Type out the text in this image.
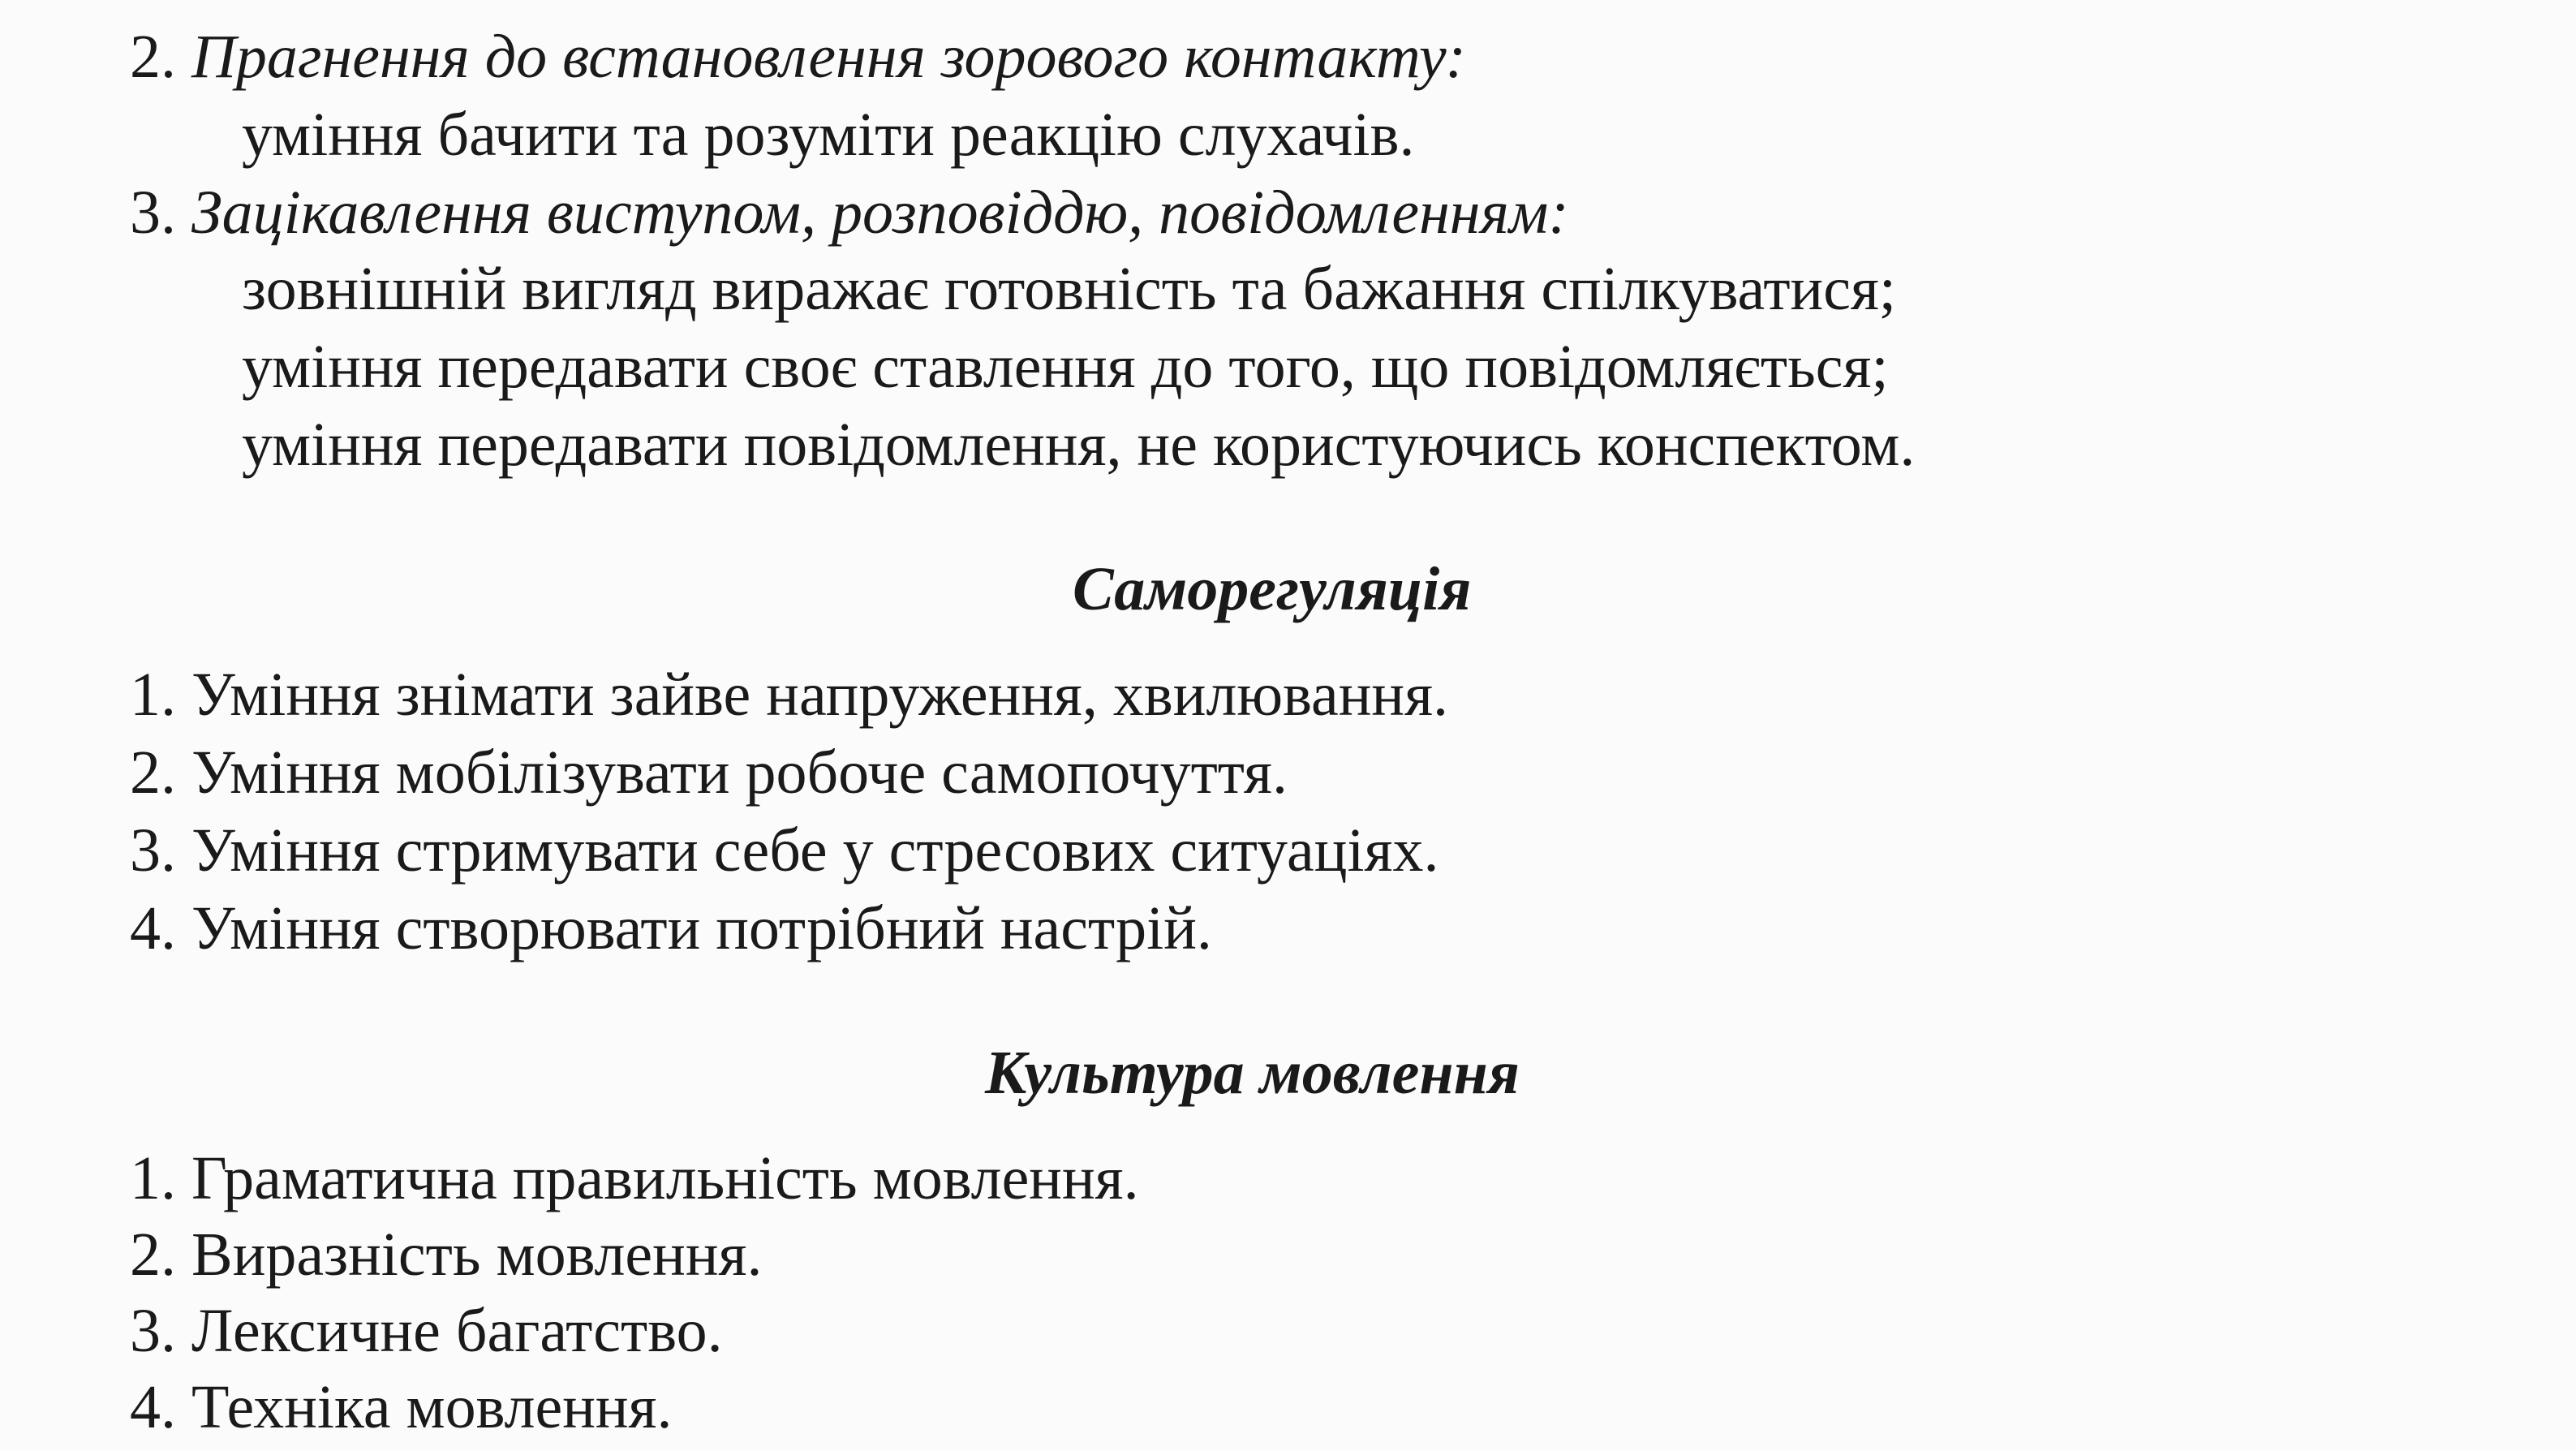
2. Прагнення до встановлення зорового контакту:
уміння бачити та розуміти реакцію слухачів.
3. Зацікавлення виступом, розповіддю, повідомленням:
зовнішній вигляд виражає готовність та бажання спілкуватися;
уміння передавати своє ставлення до того, що повідомляється;
уміння передавати повідомлення, не користуючись конспектом.
Саморегуляція
1. Уміння знімати зайве напруження, хвилювання.
2. Уміння мобілізувати робоче самопочуття.
3. Уміння стримувати себе у стресових ситуаціях.
4. Уміння створювати потрібний настрій.
Культура мовлення
1. Граматична правильність мовлення.
2. Виразність мовлення.
3. Лексичне багатство.
4. Техніка мовлення.
